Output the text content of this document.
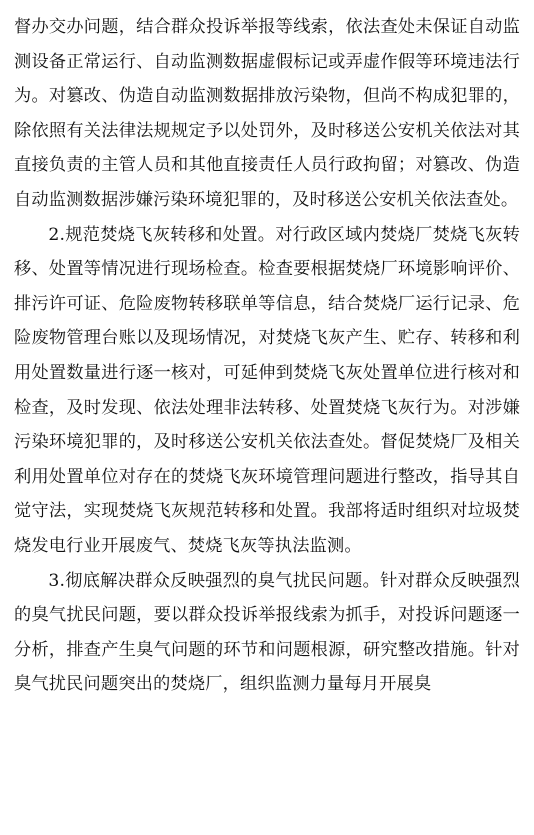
督办交办问题，结合群众投诉举报等线索，依法查处未保证自动监测设备正常运行、自动监测数据虚假标记或弄虚作假等环境违法行为。对篡改、伪造自动监测数据排放污染物，但尚不构成犯罪的，除依照有关法律法规规定予以处罚外，及时移送公安机关依法对其直接负责的主管人员和其他直接责任人员行政拘留；对篡改、伪造自动监测数据涉嫌污染环境犯罪的，及时移送公安机关依法查处。

2.规范焚烧飞灰转移和处置。对行政区域内焚烧厂焚烧飞灰转移、处置等情况进行现场检查。检查要根据焚烧厂环境影响评价、排污许可证、危险废物转移联单等信息，结合焚烧厂运行记录、危险废物管理台账以及现场情况，对焚烧飞灰产生、贮存、转移和利用处置数量进行逐一核对，可延伸到焚烧飞灰处置单位进行核对和检查，及时发现、依法处理非法转移、处置焚烧飞灰行为。对涉嫌污染环境犯罪的，及时移送公安机关依法查处。督促焚烧厂及相关利用处置单位对存在的焚烧飞灰环境管理问题进行整改，指导其自觉守法，实现焚烧飞灰规范转移和处置。我部将适时组织对垃圾焚烧发电行业开展废气、焚烧飞灰等执法监测。

3.彻底解决群众反映强烈的臭气扰民问题。针对群众反映强烈的臭气扰民问题，要以群众投诉举报线索为抓手，对投诉问题逐一分析，排查产生臭气问题的环节和问题根源，研究整改措施。针对臭气扰民问题突出的焚烧厂，组织监测力量每月开展臭
